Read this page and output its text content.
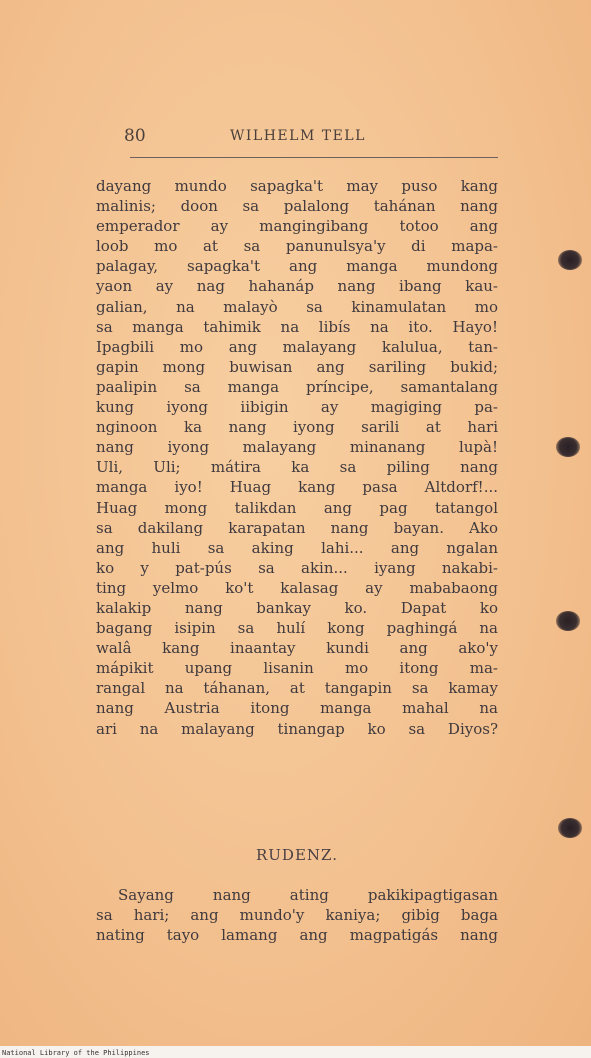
80	WILHELM TELL
dayang mundo sapagka't may puso kang
malinis; doon sa palalong tahánan nang
emperador ay mangingibang totoo ang
loob mo at sa panunulsya'y di mapa-
palagay, sapagka't ang manga mundong
yaon ay nag hahanáp nang ibang kau-
galian, na malayò sa kinamulatan mo
sa manga tahimik na libís na ito. Hayo!
Ipagbili mo ang malayang kalulua, tan-
gapin mong buwisan ang sariling bukid;
paalipin sa manga príncipe, samantalang
kung iyong iibigin ay magiging pa-
nginoon ka nang iyong sarili at hari
nang iyong malayang minanang lupà!
Uli, Uli; mátira ka sa piling nang
manga iyo! Huag kang pasa Altdorf!...
Huag mong talikdan ang pag tatangol
sa dakilang karapatan nang bayan. Ako
ang huli sa aking lahi... ang ngalan
ko y pat-pús sa akin... iyang nakabi-
ting yelmo ko't kalasag ay mababaong
kalakip nang bankay ko. Dapat ko
bagang isipin sa hulí kong paghingá na
walâ kang inaantay kundi ang ako'y
mápikit upang lisanin mo itong ma-
rangal na táhanan, at tangapin sa kamay
nang Austria itong manga mahal na
ari na malayang tinangap ko sa Diyos?
RUDENZ.
Sayang nang ating pakikipagtigasan
sa hari; ang mundo'y kaniya; gibig baga
nating tayo lamang ang magpatigás nang
National Library of the Philippines
